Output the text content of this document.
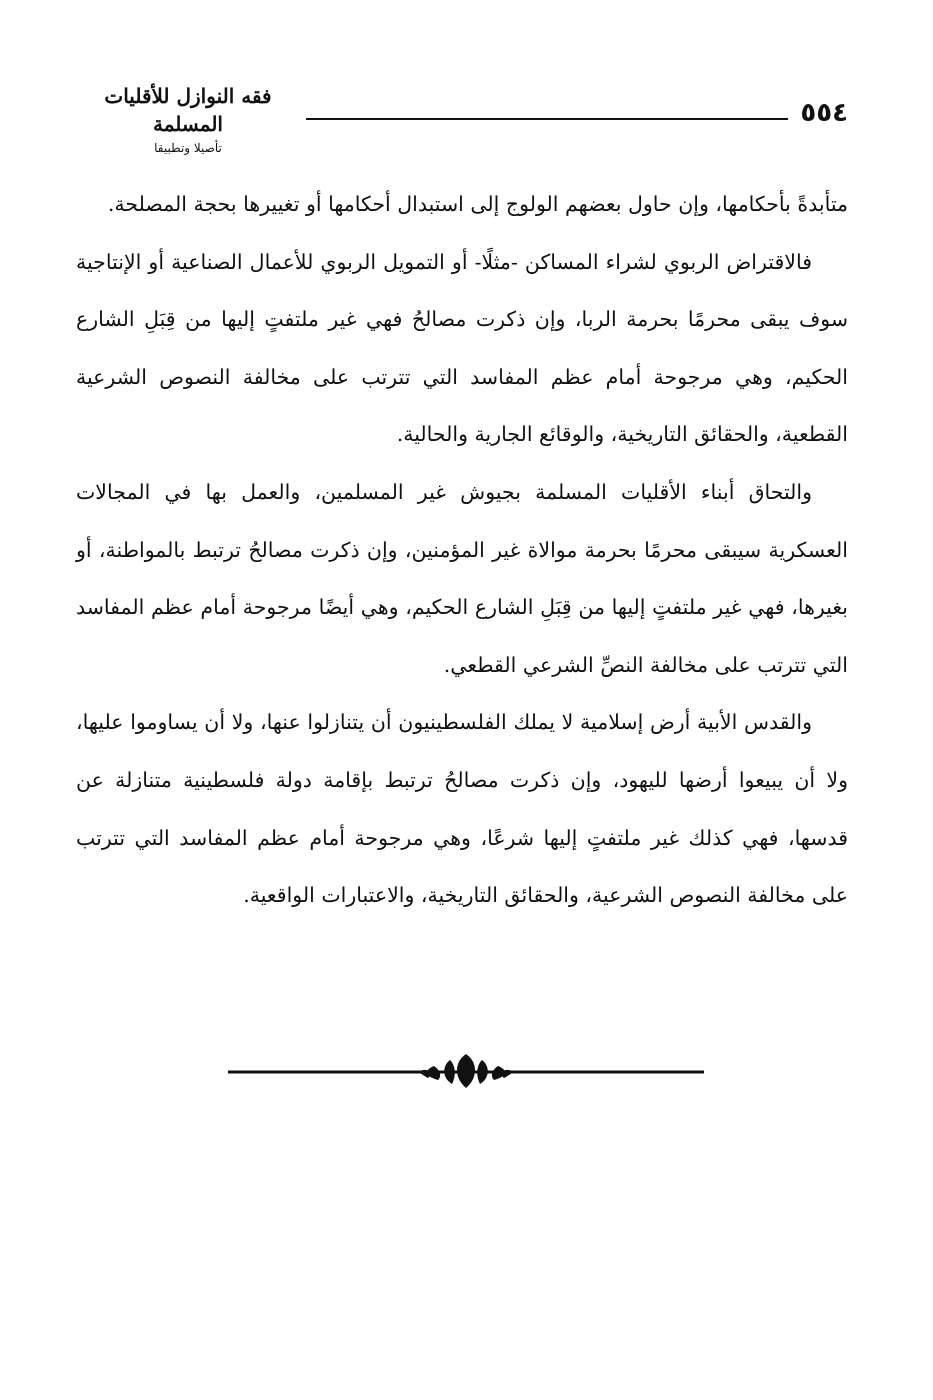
فقه النوازل للأقليات المسلمة
تأصيلا وتطبيقا
٥٥٤

متأبدةً بأحكامها، وإن حاول بعضهم الولوج إلى استبدال أحكامها أو تغييرها بحجة المصلحة.

فالاقتراض الربوي لشراء المساكن -مثلًا- أو التمويل الربوي للأعمال الصناعية أو الإنتاجية سوف يبقى محرمًا بحرمة الربا، وإن ذكرت مصالحُ فهي غير ملتفتٍ إليها من قِبَلِ الشارع الحكيم، وهي مرجوحة أمام عظم المفاسد التي تترتب على مخالفة النصوص الشرعية القطعية، والحقائق التاريخية، والوقائع الجارية والحالية.

والتحاق أبناء الأقليات المسلمة بجيوش غير المسلمين، والعمل بها في المجالات العسكرية سيبقى محرمًا بحرمة موالاة غير المؤمنين، وإن ذكرت مصالحُ ترتبط بالمواطنة، أو بغيرها، فهي غير ملتفتٍ إليها من قِبَلِ الشارع الحكيم، وهي أيضًا مرجوحة أمام عظم المفاسد التي تترتب على مخالفة النصِّ الشرعي القطعي.

والقدس الأبية أرض إسلامية لا يملك الفلسطينيون أن يتنازلوا عنها، ولا أن يساوموا عليها، ولا أن يبيعوا أرضها لليهود، وإن ذكرت مصالحُ ترتبط بإقامة دولة فلسطينية متنازلة عن قدسها، فهي كذلك غير ملتفتٍ إليها شرعًا، وهي مرجوحة أمام عظم المفاسد التي تترتب على مخالفة النصوص الشرعية، والحقائق التاريخية، والاعتبارات الواقعية.
